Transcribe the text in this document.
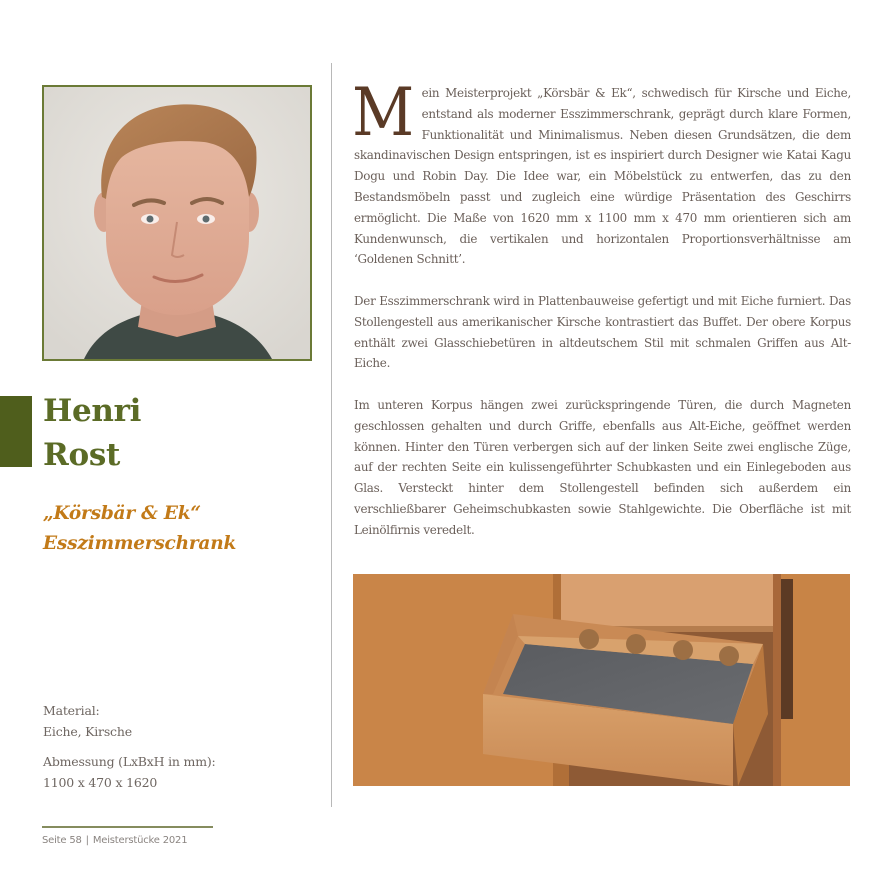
Henri
Rost
„Körsbär & Ek“
Esszimmerschrank
Material:
Eiche, Kirsche
Abmessung (LxBxH in mm):
1100 x 470 x 1620
Seite 58 | Meisterstücke 2021

Mein Meisterprojekt „Körsbär & Ek“, schwedisch für Kirsche und Eiche, entstand als moderner Esszimmerschrank, geprägt durch klare Formen, Funktionalität und Minimalismus. Neben diesen Grundsätzen, die dem skandinavischen Design entspringen, ist es inspiriert durch Designer wie Katai Kagu Dogu und Robin Day. Die Idee war, ein Möbelstück zu entwerfen, das zu den Bestandsmöbeln passt und zugleich eine würdige Präsentation des Geschirrs ermöglicht. Die Maße von 1620 mm x 1100 mm x 470 mm orientieren sich am Kundenwunsch, die vertikalen und horizontalen Proportionsverhältnisse am ‘Goldenen Schnitt’.

Der Esszimmerschrank wird in Plattenbauweise gefertigt und mit Eiche furniert. Das Stollengestell aus amerikanischer Kirsche kontrastiert das Buffet. Der obere Korpus enthält zwei Glasschiebetüren in altdeutschem Stil mit schmalen Griffen aus Alt-Eiche.

Im unteren Korpus hängen zwei zurückspringende Türen, die durch Magneten geschlossen gehalten und durch Griffe, ebenfalls aus Alt-Eiche, geöffnet werden können. Hinter den Türen verbergen sich auf der linken Seite zwei englische Züge, auf der rechten Seite ein kulissengeführter Schubkasten und ein Einlegeboden aus Glas. Versteckt hinter dem Stollengestell befinden sich außerdem ein verschließbarer Geheimschubkasten sowie Stahlgewichte. Die Oberfläche ist mit Leinölfirnis veredelt.
